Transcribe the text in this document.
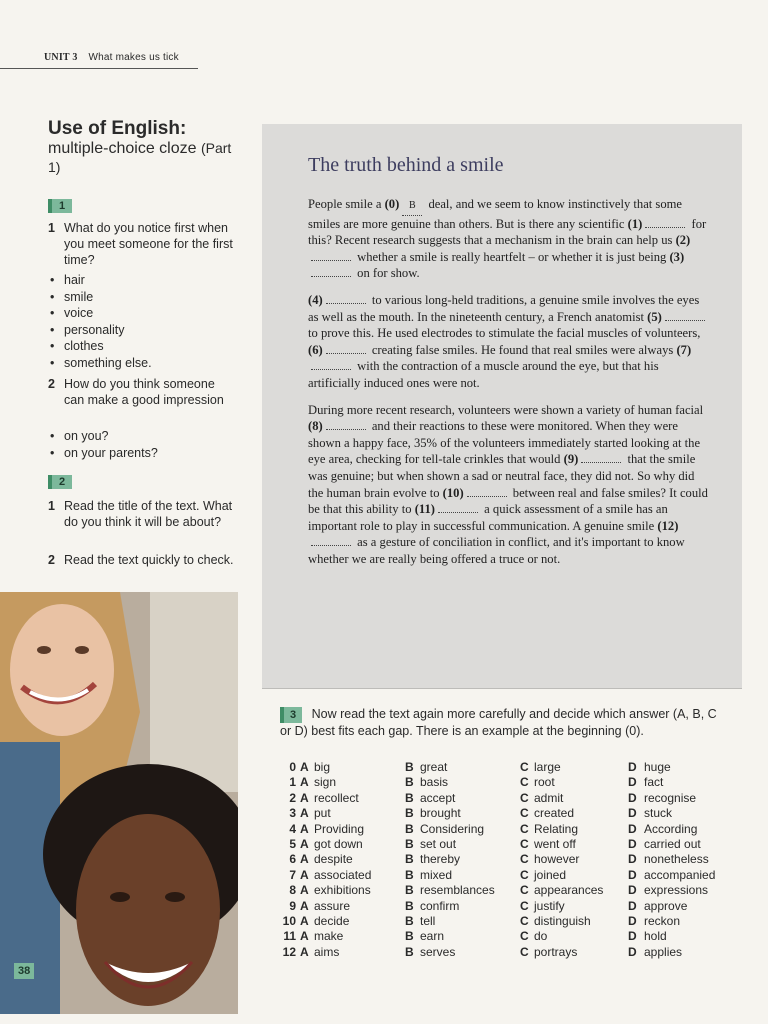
UNIT 3 What makes us tick
Use of English:
multiple-choice cloze (Part 1)
1
1 What do you notice first when you meet someone for the first time?
• hair
• smile
• voice
• personality
• clothes
• something else.
2 How do you think someone can make a good impression
• on you?
• on your parents?
2
1 Read the title of the text. What do you think it will be about?
2 Read the text quickly to check.
38
The truth behind a smile

People smile a (0) B deal, and we seem to know instinctively that some smiles are more genuine than others. But is there any scientific (1)	for this? Recent research suggests that a mechanism in the brain can help us (2) whether a smile is really heartfelt – or whether it is just being (3) on for show.

(4)	to various long-held traditions, a genuine smile involves the eyes as well as the mouth. In the nineteenth century, a French anatomist (5) to prove this. He used electrodes to stimulate the facial muscles of volunteers, (6)	creating false smiles. He found that real smiles were always (7) with the contraction of a muscle around the eye, but that his artificially induced ones were not.

During more recent research, volunteers were shown a variety of human facial (8)	and their reactions to these were monitored. When they were shown a happy face, 35% of the volunteers immediately started looking at the eye area, checking for tell-tale crinkles that would (9)	that the smile was genuine; but when shown a sad or neutral face, they did not. So why did the human brain evolve to (10)	between real and false smiles? It could be that this ability to (11)	a quick assessment of a smile has an important role to play in successful communication. A genuine smile (12) as a gesture of conciliation in conflict, and it's important to know whether we are really being offered a truce or not.

3 Now read the text again more carefully and decide which answer (A, B, C or D) best fits each gap. There is an example at the beginning (0).
0 A big	B great	C large	D huge
1 A sign	B basis	C root	D fact
2 A recollect	B accept	C admit	D recognise
3 A put	B brought	C created	D stuck
4 A Providing	B Considering	C Relating	D According
5 A got down	B set out	C went off	D carried out
6 A despite	B thereby	C however	D nonetheless
7 A associated	B mixed	C joined	D accompanied
8 A exhibitions	B resemblances C appearances D expressions
9 A assure	B confirm	C justify	D approve
10 A decide	B tell	C distinguish	D reckon
11 A make	B earn	C do	D hold
12 A aims	B serves	C portrays	D applies
